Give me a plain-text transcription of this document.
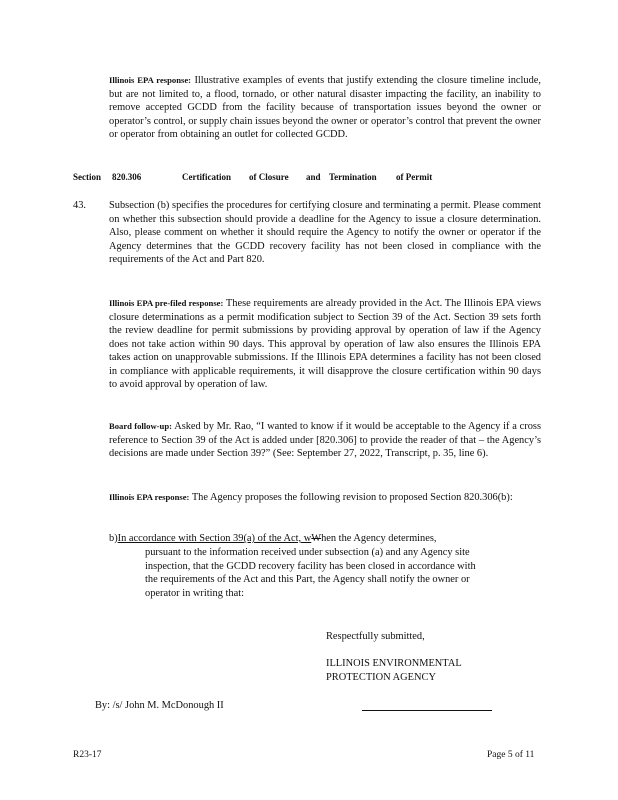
Illinois EPA response: Illustrative examples of events that justify extending the closure timeline include, but are not limited to, a flood, tornado, or other natural disaster impacting the facility, an inability to remove accepted GCDD from the facility because of transportation issues beyond the owner or operator’s control, or supply chain issues beyond the owner or operator’s control that prevent the owner or operator from obtaining an outlet for collected GCDD.
Section 820.306	Certification of Closure and Termination of Permit
43. Subsection (b) specifies the procedures for certifying closure and terminating a permit. Please comment on whether this subsection should provide a deadline for the Agency to issue a closure determination. Also, please comment on whether it should require the Agency to notify the owner or operator if the Agency determines that the GCDD recovery facility has not been closed in compliance with the requirements of the Act and Part 820.
Illinois EPA pre-filed response: These requirements are already provided in the Act. The Illinois EPA views closure determinations as a permit modification subject to Section 39 of the Act. Section 39 sets forth the review deadline for permit submissions by providing approval by operation of law if the Agency does not take action within 90 days. This approval by operation of law also ensures the Illinois EPA takes action on unapprovable submissions. If the Illinois EPA determines a facility has not been closed in compliance with applicable requirements, it will disapprove the closure certification within 90 days to avoid approval by operation of law.
Board follow-up: Asked by Mr. Rao, “I wanted to know if it would be acceptable to the Agency if a cross reference to Section 39 of the Act is added under [820.306] to provide the reader of that – the Agency’s decisions are made under Section 39?” (See: September 27, 2022, Transcript, p. 35, line 6).
Illinois EPA response: The Agency proposes the following revision to proposed Section 820.306(b):
b)In accordance with Section 39(a) of the Act, wWhen the Agency determines,
pursuant to the information received under subsection (a) and any Agency site
inspection, that the GCDD recovery facility has been closed in accordance with
the requirements of the Act and this Part, the Agency shall notify the owner or
operator in writing that:
Respectfully submitted,
ILLINOIS ENVIRONMENTAL
PROTECTION AGENCY
By: /s/ John M. McDonough II
R23-17	Page 5 of 11
